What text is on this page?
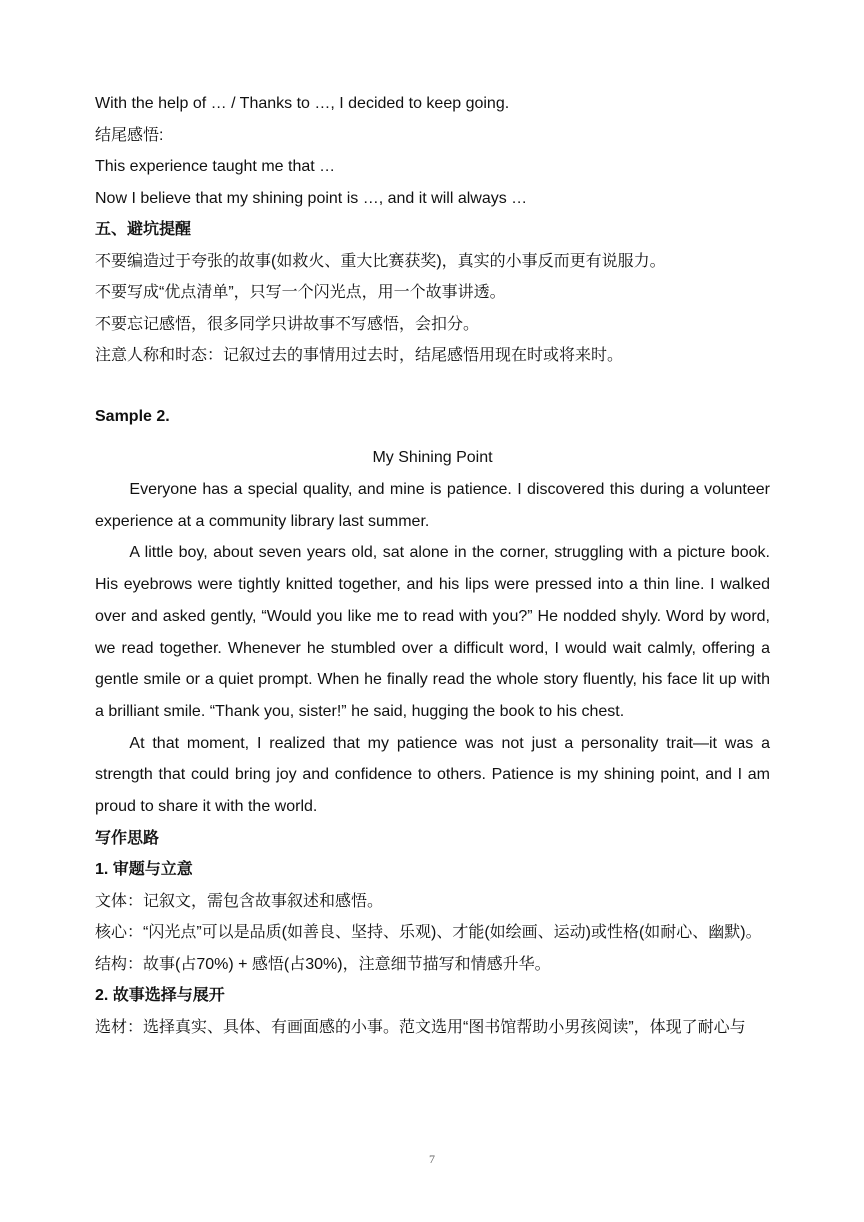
With the help of … / Thanks to …, I decided to keep going.
结尾感悟:
This experience taught me that …
Now I believe that my shining point is …, and it will always …
五、避坑提醒
不要编造过于夸张的故事(如救火、重大比赛获奖)，真实的小事反而更有说服力。
不要写成“优点清单”，只写一个闪光点，用一个故事讲透。
不要忘记感悟，很多同学只讲故事不写感悟，会扣分。
注意人称和时态：记叙过去的事情用过去时，结尾感悟用现在时或将来时。
Sample 2.
My Shining Point

Everyone has a special quality, and mine is patience. I discovered this during a volunteer experience at a community library last summer.

A little boy, about seven years old, sat alone in the corner, struggling with a picture book. His eyebrows were tightly knitted together, and his lips were pressed into a thin line. I walked over and asked gently, “Would you like me to read with you?” He nodded shyly. Word by word, we read together. Whenever he stumbled over a difficult word, I would wait calmly, offering a gentle smile or a quiet prompt. When he finally read the whole story fluently, his face lit up with a brilliant smile. “Thank you, sister!” he said, hugging the book to his chest.

At that moment, I realized that my patience was not just a personality trait—it was a strength that could bring joy and confidence to others. Patience is my shining point, and I am proud to share it with the world.

写作思路
1. 审题与立意
文体：记叙文，需包含故事叙述和感悟。
核心：“闪光点”可以是品质(如善良、坚持、乐观)、才能(如绘画、运动)或性格(如耐心、幽默)。
结构：故事(占70%) + 感悟(占30%)，注意细节描写和情感升华。
2. 故事选择与展开
选材：选择真实、具体、有画面感的小事。范文选用“图书馆帮助小男孩阅读”，体现了耐心与
7
